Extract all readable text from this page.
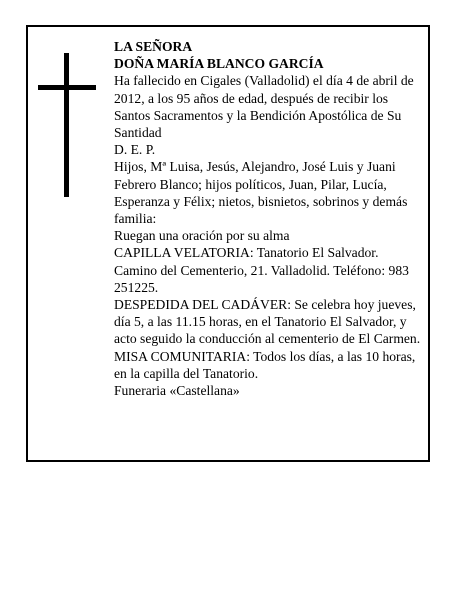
LA SEÑORA

DOÑA MARÍA BLANCO GARCÍA

Ha fallecido en Cigales (Valladolid) el día 4 de abril de 2012, a los 95 años de edad, después de recibir los Santos Sacramentos y la Bendición Apostólica de Su Santidad

D. E. P.

Hijos, Mª Luisa, Jesús, Alejandro, José Luis y Juani Febrero Blanco; hijos políticos, Juan, Pilar, Lucía, Esperanza y Félix; nietos, bisnietos, sobrinos y demás familia:

Ruegan una oración por su alma

CAPILLA VELATORIA: Tanatorio El Salvador. Camino del Cementerio, 21. Valladolid. Teléfono: 983 251225.

DESPEDIDA DEL CADÁVER: Se celebra hoy jueves, día 5, a las 11.15 horas, en el Tanatorio El Salvador, y acto seguido la conducción al cementerio de El Carmen.

MISA COMUNITARIA: Todos los días, a las 10 horas, en la capilla del Tanatorio.

Funeraria «Castellana»
